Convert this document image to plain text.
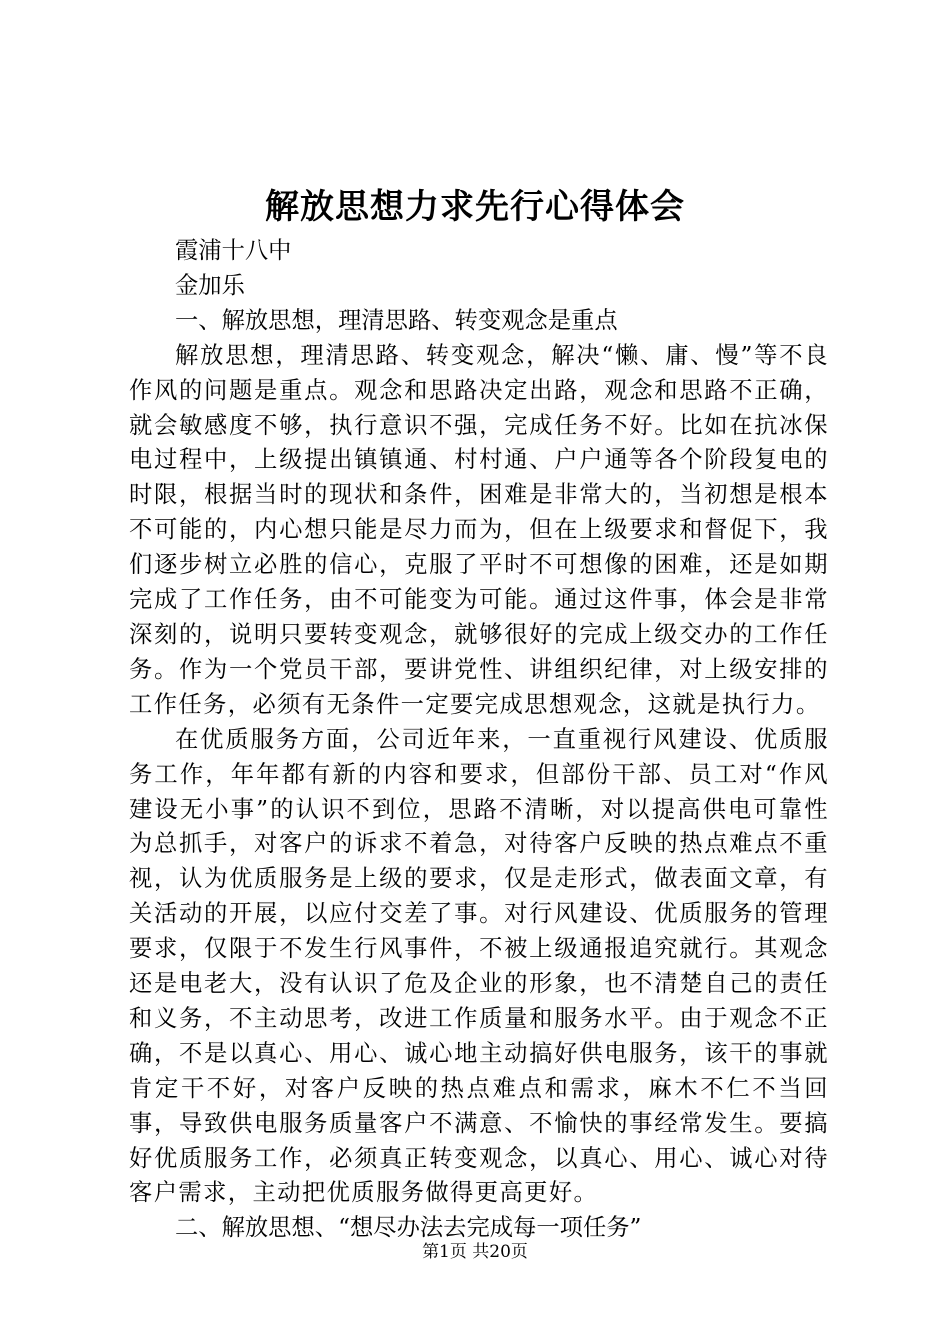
解放思想力求先行心得体会

霞浦十八中

金加乐

一、解放思想，理清思路、转变观念是重点

解放思想，理清思路、转变观念，解决“懒、庸、慢”等不良作风的问题是重点。观念和思路决定出路，观念和思路不正确，就会敏感度不够，执行意识不强，完成任务不好。比如在抗冰保电过程中，上级提出镇镇通、村村通、户户通等各个阶段复电的时限，根据当时的现状和条件，困难是非常大的，当初想是根本不可能的，内心想只能是尽力而为，但在上级要求和督促下，我们逐步树立必胜的信心，克服了平时不可想像的困难，还是如期完成了工作任务，由不可能变为可能。通过这件事，体会是非常深刻的，说明只要转变观念，就够很好的完成上级交办的工作任务。作为一个党员干部，要讲党性、讲组织纪律，对上级安排的工作任务，必须有无条件一定要完成思想观念，这就是执行力。

在优质服务方面，公司近年来，一直重视行风建设、优质服务工作，年年都有新的内容和要求，但部份干部、员工对“作风建设无小事”的认识不到位，思路不清晰，对以提高供电可靠性为总抓手，对客户的诉求不着急，对待客户反映的热点难点不重视，认为优质服务是上级的要求，仅是走形式，做表面文章，有关活动的开展，以应付交差了事。对行风建设、优质服务的管理要求，仅限于不发生行风事件，不被上级通报追究就行。其观念还是电老大，没有认识了危及企业的形象，也不清楚自己的责任和义务，不主动思考，改进工作质量和服务水平。由于观念不正确，不是以真心、用心、诚心地主动搞好供电服务，该干的事就肯定干不好，对客户反映的热点难点和需求，麻木不仁不当回事，导致供电服务质量客户不满意、不愉快的事经常发生。要搞好优质服务工作，必须真正转变观念，以真心、用心、诚心对待客户需求，主动把优质服务做得更高更好。

二、解放思想、“想尽办法去完成每一项任务”

第1页 共20页
